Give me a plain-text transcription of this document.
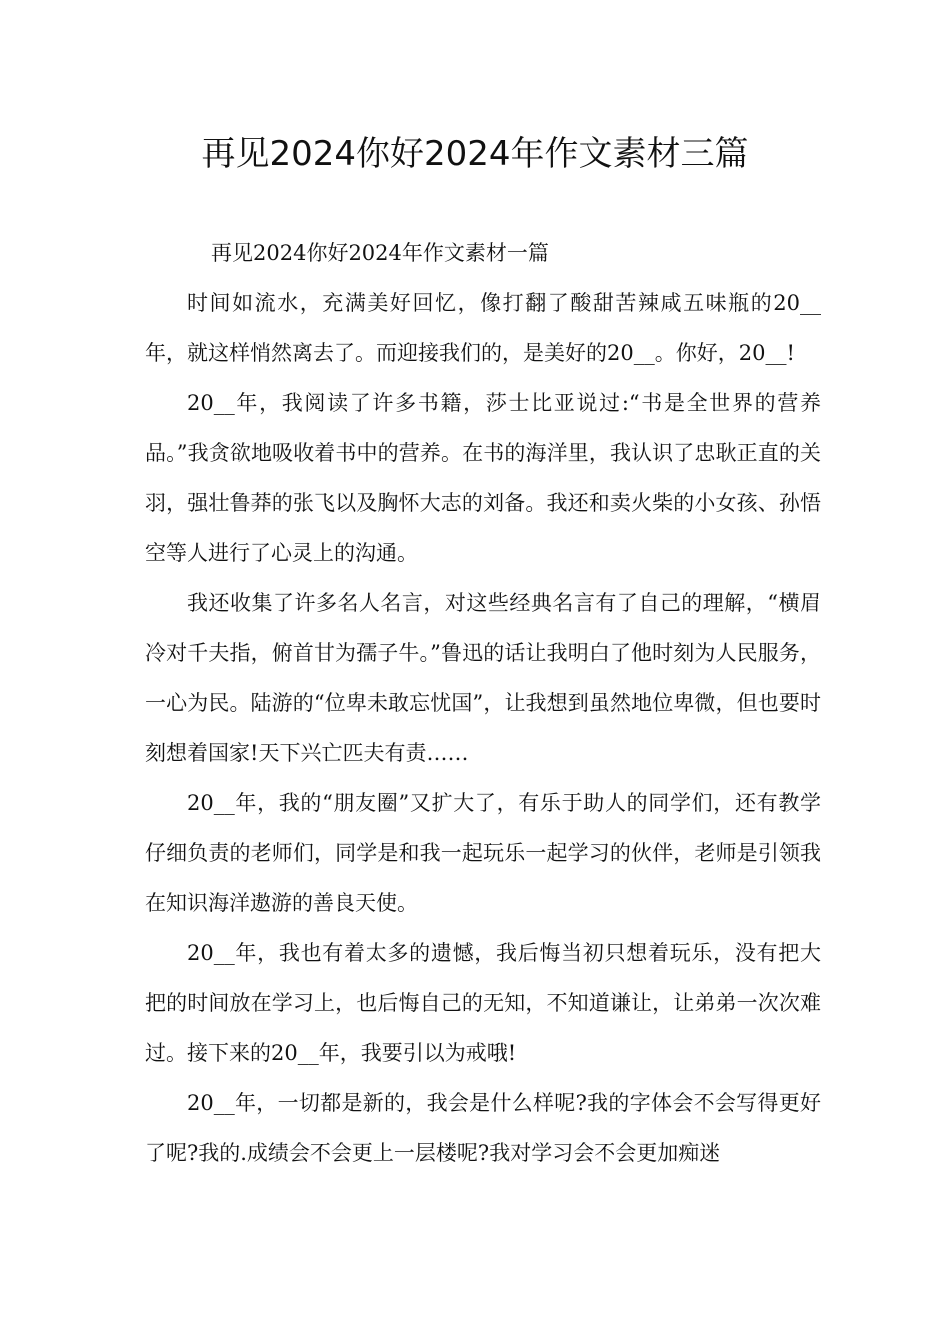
再见2024你好2024年作文素材三篇

再见2024你好2024年作文素材一篇

时间如流水，充满美好回忆，像打翻了酸甜苦辣咸五味瓶的20__年，就这样悄然离去了。而迎接我们的，是美好的20__。你好，20__!

20__年，我阅读了许多书籍，莎士比亚说过:“书是全世界的营养品。”我贪欲地吸收着书中的营养。在书的海洋里，我认识了忠耿正直的关羽，强壮鲁莽的张飞以及胸怀大志的刘备。我还和卖火柴的小女孩、孙悟空等人进行了心灵上的沟通。

我还收集了许多名人名言，对这些经典名言有了自己的理解，“横眉冷对千夫指，俯首甘为孺子牛。”鲁迅的话让我明白了他时刻为人民服务，一心为民。陆游的“位卑未敢忘忧国”，让我想到虽然地位卑微，但也要时刻想着国家!天下兴亡匹夫有责……

20__年，我的“朋友圈”又扩大了，有乐于助人的同学们，还有教学仔细负责的老师们，同学是和我一起玩乐一起学习的伙伴，老师是引领我在知识海洋遨游的善良天使。

20__年，我也有着太多的遗憾，我后悔当初只想着玩乐，没有把大把的时间放在学习上，也后悔自己的无知，不知道谦让，让弟弟一次次难过。接下来的20__年，我要引以为戒哦!

20__年，一切都是新的，我会是什么样呢?我的字体会不会写得更好了呢?我的.成绩会不会更上一层楼呢?我对学习会不会更加痴迷
